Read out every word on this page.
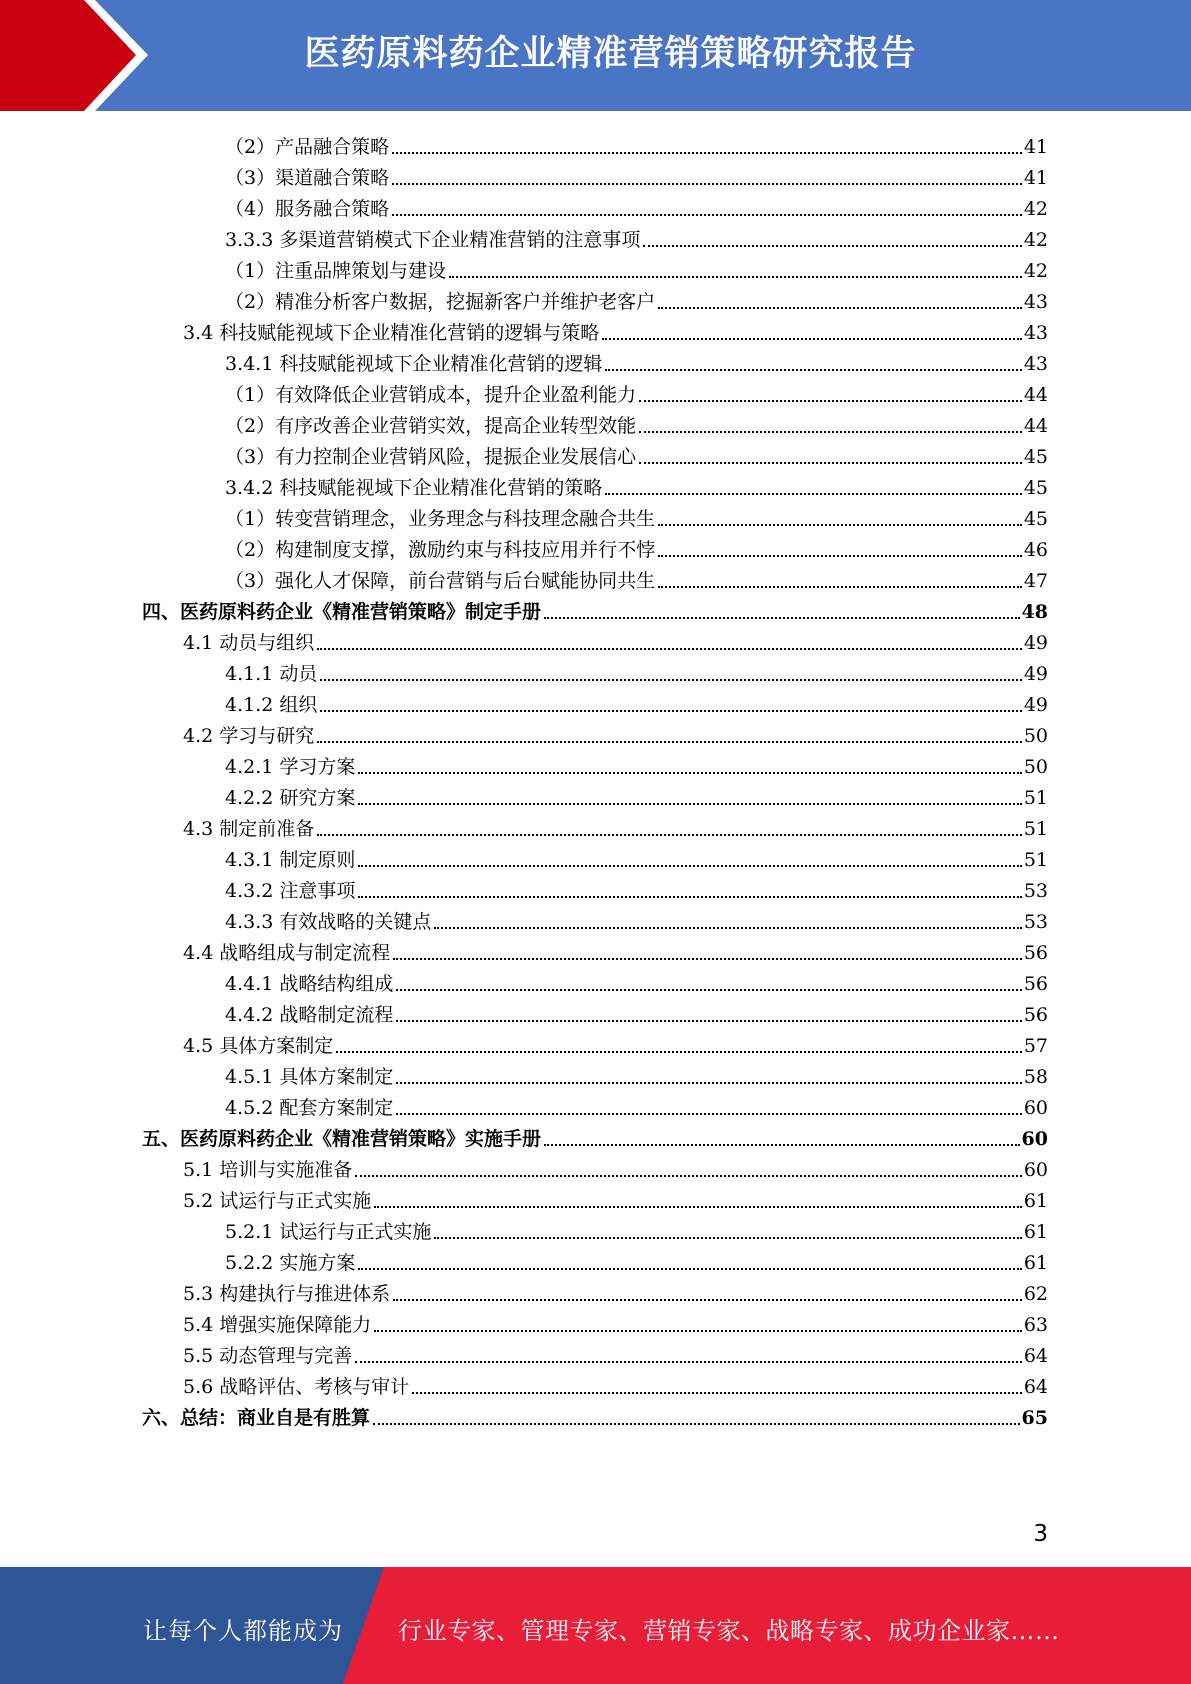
医药原料药企业精准营销策略研究报告
（2）产品融合策略	41
（3）渠道融合策略	41
（4）服务融合策略	42
3.3.3 多渠道营销模式下企业精准营销的注意事项	42
（1）注重品牌策划与建设	42
（2）精准分析客户数据，挖掘新客户并维护老客户	43
3.4 科技赋能视域下企业精准化营销的逻辑与策略	43
3.4.1 科技赋能视域下企业精准化营销的逻辑	43
（1）有效降低企业营销成本，提升企业盈利能力	44
（2）有序改善企业营销实效，提高企业转型效能	44
（3）有力控制企业营销风险，提振企业发展信心	45
3.4.2 科技赋能视域下企业精准化营销的策略	45
（1）转变营销理念，业务理念与科技理念融合共生	45
（2）构建制度支撑，激励约束与科技应用并行不悖	46
（3）强化人才保障，前台营销与后台赋能协同共生	47
四、医药原料药企业《精准营销策略》制定手册	48
4.1 动员与组织	49
4.1.1 动员	49
4.1.2 组织	49
4.2 学习与研究	50
4.2.1 学习方案	50
4.2.2 研究方案	51
4.3 制定前准备	51
4.3.1 制定原则	51
4.3.2 注意事项	53
4.3.3 有效战略的关键点	53
4.4 战略组成与制定流程	56
4.4.1 战略结构组成	56
4.4.2 战略制定流程	56
4.5 具体方案制定	57
4.5.1 具体方案制定	58
4.5.2 配套方案制定	60
五、医药原料药企业《精准营销策略》实施手册	60
5.1 培训与实施准备	60
5.2 试运行与正式实施	61
5.2.1 试运行与正式实施	61
5.2.2 实施方案	61
5.3 构建执行与推进体系	62
5.4 增强实施保障能力	63
5.5 动态管理与完善	64
5.6 战略评估、考核与审计	64
六、总结：商业自是有胜算	65
3
让每个人都能成为 行业专家、管理专家、营销专家、战略专家、成功企业家……
